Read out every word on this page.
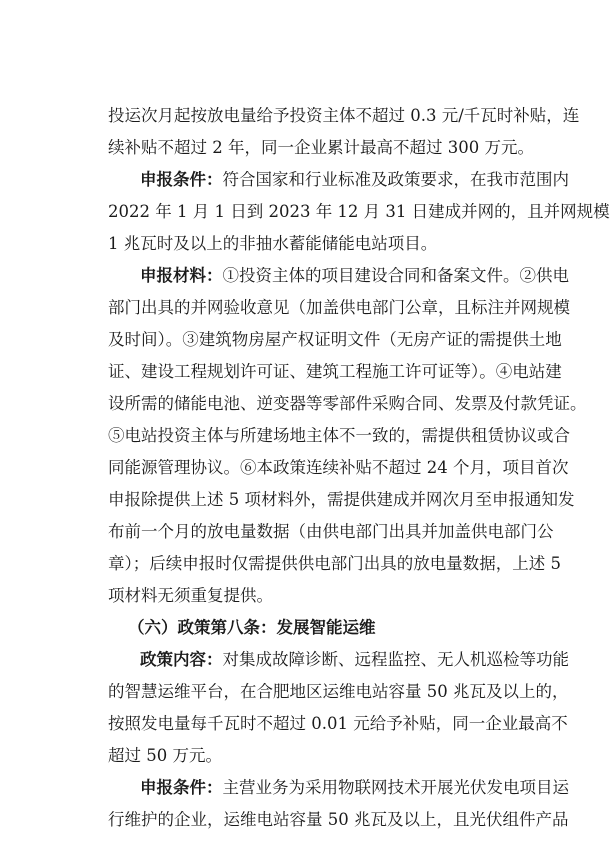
投运次月起按放电量给予投资主体不超过 0.3 元/千瓦时补贴，连
续补贴不超过 2 年，同一企业累计最高不超过 300 万元。
申报条件：符合国家和行业标准及政策要求，在我市范围内
2022 年 1 月 1 日到 2023 年 12 月 31 日建成并网的，且并网规模
1 兆瓦时及以上的非抽水蓄能储能电站项目。
申报材料：①投资主体的项目建设合同和备案文件。②供电
部门出具的并网验收意见（加盖供电部门公章，且标注并网规模
及时间）。③建筑物房屋产权证明文件（无房产证的需提供土地
证、建设工程规划许可证、建筑工程施工许可证等）。④电站建
设所需的储能电池、逆变器等零部件采购合同、发票及付款凭证。
⑤电站投资主体与所建场地主体不一致的，需提供租赁协议或合
同能源管理协议。⑥本政策连续补贴不超过 24 个月，项目首次
申报除提供上述 5 项材料外，需提供建成并网次月至申报通知发
布前一个月的放电量数据（由供电部门出具并加盖供电部门公
章）；后续申报时仅需提供供电部门出具的放电量数据，上述 5
项材料无须重复提供。
（六）政策第八条：发展智能运维
政策内容：对集成故障诊断、远程监控、无人机巡检等功能
的智慧运维平台，在合肥地区运维电站容量 50 兆瓦及以上的，
按照发电量每千瓦时不超过 0.01 元给予补贴，同一企业最高不
超过 50 万元。
申报条件：主营业务为采用物联网技术开展光伏发电项目运
行维护的企业，运维电站容量 50 兆瓦及以上，且光伏组件产品
